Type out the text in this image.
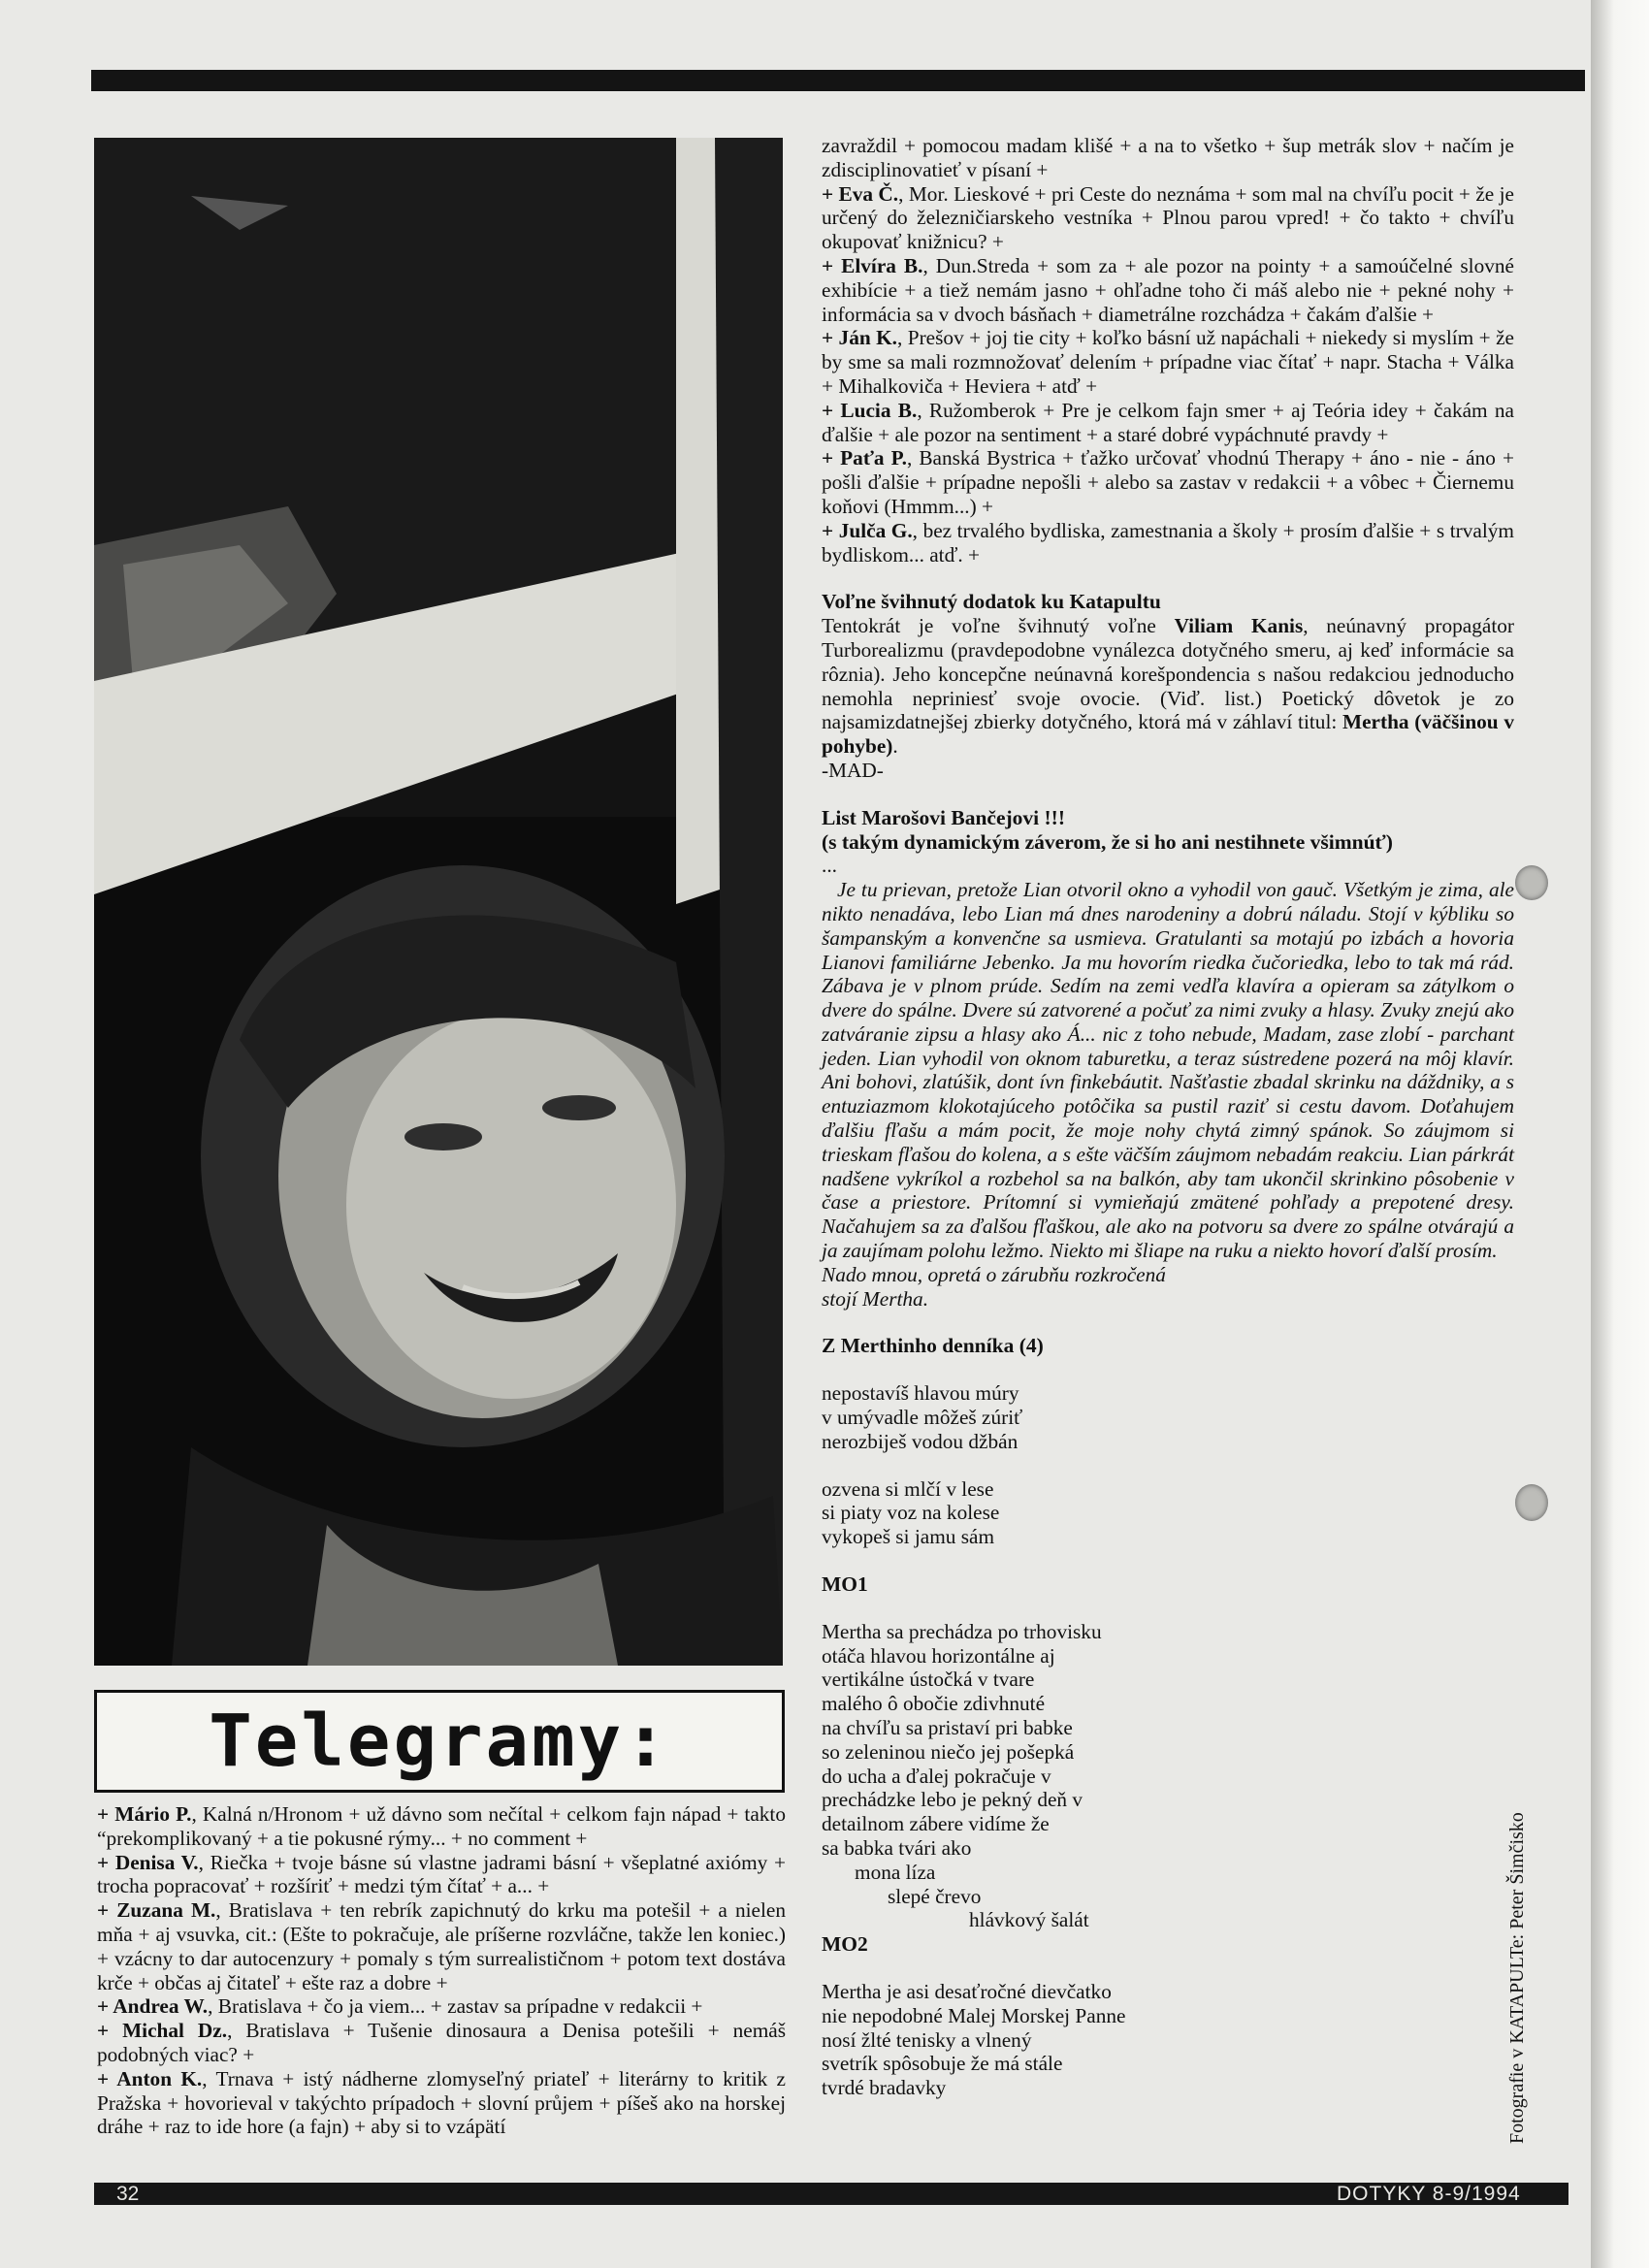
Telegramy:

+ Mário P., Kalná n/Hronom + už dávno som nečítal + celkom fajn nápad + takto “prekomplikovaný + a tie pokusné rýmy... + no comment +

+ Denisa V., Riečka + tvoje básne sú vlastne jadrami básní + všeplatné axiómy + trocha popracovať + rozšíriť + medzi tým čítať + a... +

+ Zuzana M., Bratislava + ten rebrík zapichnutý do krku ma potešil + a nielen mňa + aj vsuvka, cit.: (Ešte to pokračuje, ale príšerne rozvláčne, takže len koniec.) + vzácny to dar autocenzury + pomaly s tým surrealističnom + potom text dostáva krče + občas aj čitateľ + ešte raz a dobre +

+ Andrea W., Bratislava + čo ja viem... + zastav sa prípadne v redakcii +

+ Michal Dz., Bratislava + Tušenie dinosaura a Denisa potešili + nemáš podobných viac? +

+ Anton K., Trnava + istý nádherne zlomyseľný priateľ + literárny to kritik z Pražska + hovorieval v takýchto prípadoch + slovní průjem + píšeš ako na horskej dráhe + raz to ide hore (a fajn) + aby si to vzápätí

zavraždil + pomocou madam klišé + a na to všetko + šup metrák slov + načím je zdisciplinovatieť v písaní +

+ Eva Č., Mor. Lieskové + pri Ceste do neznáma + som mal na chvíľu pocit + že je určený do železničiarskeho vestníka + Plnou parou vpred! + čo takto + chvíľu okupovať knižnicu? +

+ Elvíra B., Dun.Streda + som za + ale pozor na pointy + a samoúčelné slovné exhibície + a tiež nemám jasno + ohľadne toho či máš alebo nie + pekné nohy + informácia sa v dvoch básňach + diametrálne rozchádza + čakám ďalšie +

+ Ján K., Prešov + joj tie city + koľko básní už napáchali + niekedy si myslím + že by sme sa mali rozmnožovať delením + prípadne viac čítať + napr. Stacha + Válka + Mihalkoviča + Heviera + atď +

+ Lucia B., Ružomberok + Pre je celkom fajn smer + aj Teória idey + čakám na ďalšie + ale pozor na sentiment + a staré dobré vypáchnuté pravdy +

+ Paťa P., Banská Bystrica + ťažko určovať vhodnú Therapy + áno - nie - áno + pošli ďalšie + prípadne nepošli + alebo sa zastav v redakcii + a vôbec + Čiernemu koňovi (Hmmm...) +

+ Julča G., bez trvalého bydliska, zamestnania a školy + prosím ďalšie + s trvalým bydliskom... atď. +

Voľne švihnutý dodatok ku Katapultu

Tentokrát je voľne švihnutý voľne Viliam Kanis, neúnavný propagátor Turborealizmu (pravdepodobne vynálezca dotyčného smeru, aj keď informácie sa rôznia). Jeho koncepčne neúnavná korešpondencia s našou redakciou jednoducho nemohla nepriniesť svoje ovocie. (Viď. list.) Poetický dôvetok je zo najsamizdatnejšej zbierky dotyčného, ktorá má v záhlaví titul: Mertha (väčšinou v pohybe).

-MAD-

List Marošovi Bančejovi !!!

(s takým dynamickým záverom, že si ho ani nestihnete všimnúť)

...

Je tu prievan, pretože Lian otvoril okno a vyhodil von gauč. Všetkým je zima, ale nikto nenadáva, lebo Lian má dnes narodeniny a dobrú náladu. Stojí v kýbliku so šampanským a konvenčne sa usmieva. Gratulanti sa motajú po izbách a hovoria Lianovi familiárne Jebenko. Ja mu hovorím riedka čučoriedka, lebo to tak má rád. Zábava je v plnom prúde. Sedím na zemi vedľa klavíra a opieram sa zátylkom o dvere do spálne. Dvere sú zatvorené a počuť za nimi zvuky a hlasy. Zvuky znejú ako zatváranie zipsu a hlasy ako Á... nic z toho nebude, Madam, zase zlobí - parchant jeden. Lian vyhodil von oknom taburetku, a teraz sústredene pozerá na môj klavír. Ani bohovi, zlatúšik, dont ívn finkebáutit. Našťastie zbadal skrinku na dáždniky, a s entuziazmom klokotajúceho potôčika sa pustil raziť si cestu davom. Doťahujem ďalšiu fľašu a mám pocit, že moje nohy chytá zimný spánok. So záujmom si trieskam fľašou do kolena, a s ešte väčším záujmom nebadám reakciu. Lian párkrát nadšene vykríkol a rozbehol sa na balkón, aby tam ukončil skrinkino pôsobenie v čase a priestore. Prítomní si vymieňajú zmätené pohľady a prepotené dresy. Načahujem sa za ďalšou fľaškou, ale ako na potvoru sa dvere zo spálne otvárajú a ja zaujímam polohu ležmo. Niekto mi šliape na ruku a niekto hovorí ďalší prosím.

Nado mnou, opretá o zárubňu rozkročená

stojí Mertha.

Z Merthinho denníka (4)

nepostavíš hlavou múry
v umývadle môžeš zúriť
nerozbiješ vodou džbán

ozvena si mlčí v lese
si piaty voz na kolese
vykopeš si jamu sám

MO1

Mertha sa prechádza po trhovisku
otáča hlavou horizontálne aj
vertikálne ústočká v tvare
malého ô obočie zdivhnuté
na chvíľu sa pristaví pri babke
so zeleninou niečo jej pošepká
do ucha a ďalej pokračuje v
prechádzke lebo je pekný deň v
detailnom zábere vidíme že
sa babka tvári ako

mona líza

slepé črevo

hlávkový šalát

MO2

Mertha je asi desaťročné dievčatko
nie nepodobné Malej Morskej Panne
nosí žlté tenisky a vlnený
svetrík spôsobuje že má stále
tvrdé bradavky	Fotografie v KATAPULTe: Peter Šimčisko
32	DOTYKY 8-9/1994
